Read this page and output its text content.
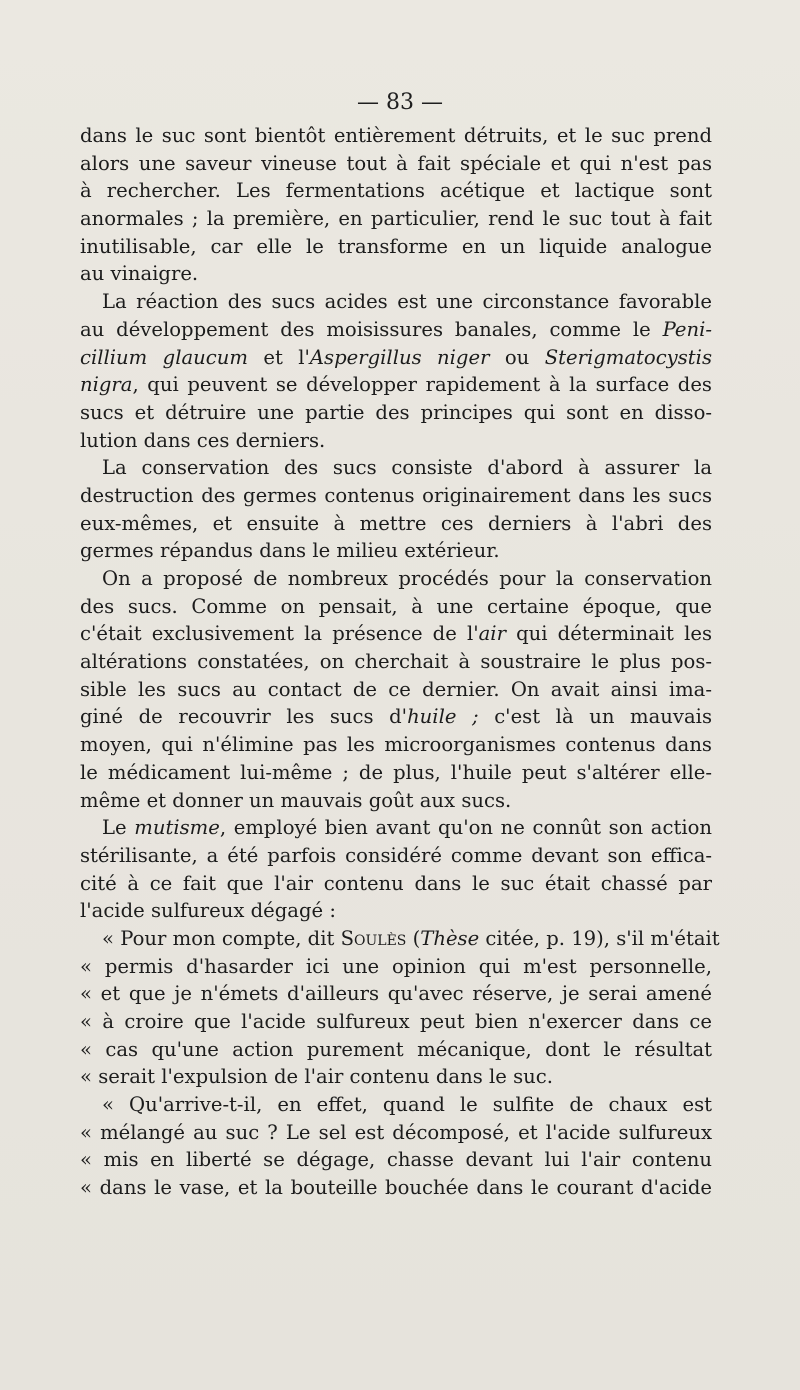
— 83 —
dans le suc sont bientôt entièrement détruits, et le suc prend
alors une saveur vineuse tout à fait spéciale et qui n'est pas
à rechercher. Les fermentations acétique et lactique sont
anormales ; la première, en particulier, rend le suc tout à fait
inutilisable, car elle le transforme en un liquide analogue
au vinaigre.
La réaction des sucs acides est une circonstance favorable
au développement des moisissures banales, comme le Peni-
cillium glaucum et l'Aspergillus niger ou Sterigmatocystis
nigra, qui peuvent se développer rapidement à la surface des
sucs et détruire une partie des principes qui sont en disso-
lution dans ces derniers.
La conservation des sucs consiste d'abord à assurer la
destruction des germes contenus originairement dans les sucs
eux-mêmes, et ensuite à mettre ces derniers à l'abri des
germes répandus dans le milieu extérieur.
On a proposé de nombreux procédés pour la conservation
des sucs. Comme on pensait, à une certaine époque, que
c'était exclusivement la présence de l'air qui déterminait les
altérations constatées, on cherchait à soustraire le plus pos-
sible les sucs au contact de ce dernier. On avait ainsi ima-
giné de recouvrir les sucs d'huile ; c'est là un mauvais
moyen, qui n'élimine pas les microorganismes contenus dans
le médicament lui-même ; de plus, l'huile peut s'altérer elle-
même et donner un mauvais goût aux sucs.
Le mutisme, employé bien avant qu'on ne connût son action
stérilisante, a été parfois considéré comme devant son effica-
cité à ce fait que l'air contenu dans le suc était chassé par
l'acide sulfureux dégagé :
« Pour mon compte, dit Soulès (Thèse citée, p. 19), s'il m'était
« permis d'hasarder ici une opinion qui m'est personnelle,
« et que je n'émets d'ailleurs qu'avec réserve, je serai amené
« à croire que l'acide sulfureux peut bien n'exercer dans ce
« cas qu'une action purement mécanique, dont le résultat
« serait l'expulsion de l'air contenu dans le suc.
« Qu'arrive-t-il, en effet, quand le sulfite de chaux est
« mélangé au suc ? Le sel est décomposé, et l'acide sulfureux
« mis en liberté se dégage, chasse devant lui l'air contenu
« dans le vase, et la bouteille bouchée dans le courant d'acide
